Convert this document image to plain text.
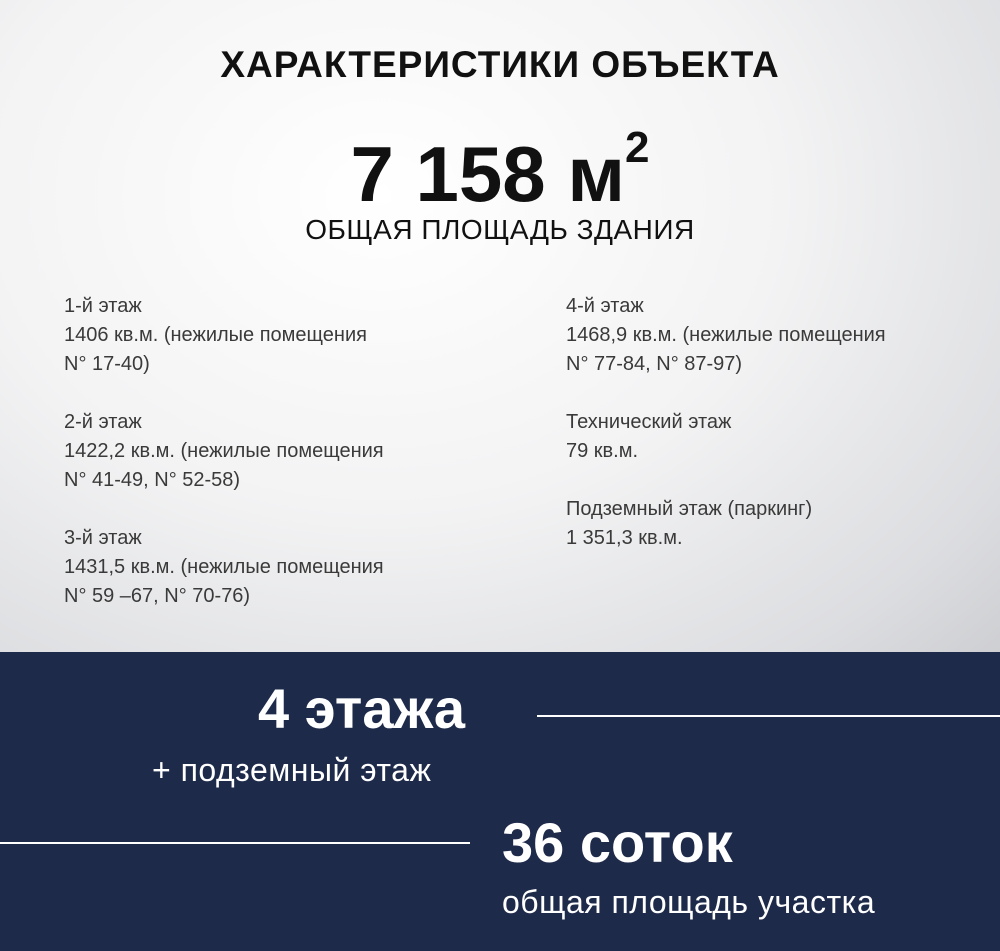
ХАРАКТЕРИСТИКИ ОБЪЕКТА
7 158 $м^2$
ОБЩАЯ ПЛОЩАДЬ ЗДАНИЯ
1-й этаж
1406 кв.м. (нежилые помещения
N° 17-40)
2-й этаж
1422,2 кв.м. (нежилые помещения
N° 41-49, N° 52-58)
3-й этаж
1431,5 кв.м. (нежилые помещения
N° 59 –67, N° 70-76)
4-й этаж
1468,9 кв.м. (нежилые помещения
N° 77-84, N° 87-97)
Технический этаж
79 кв.м.
Подземный этаж (паркинг)
1 351,3 кв.м.
4 этажа
+ подземный этаж
36 соток
общая площадь участка
